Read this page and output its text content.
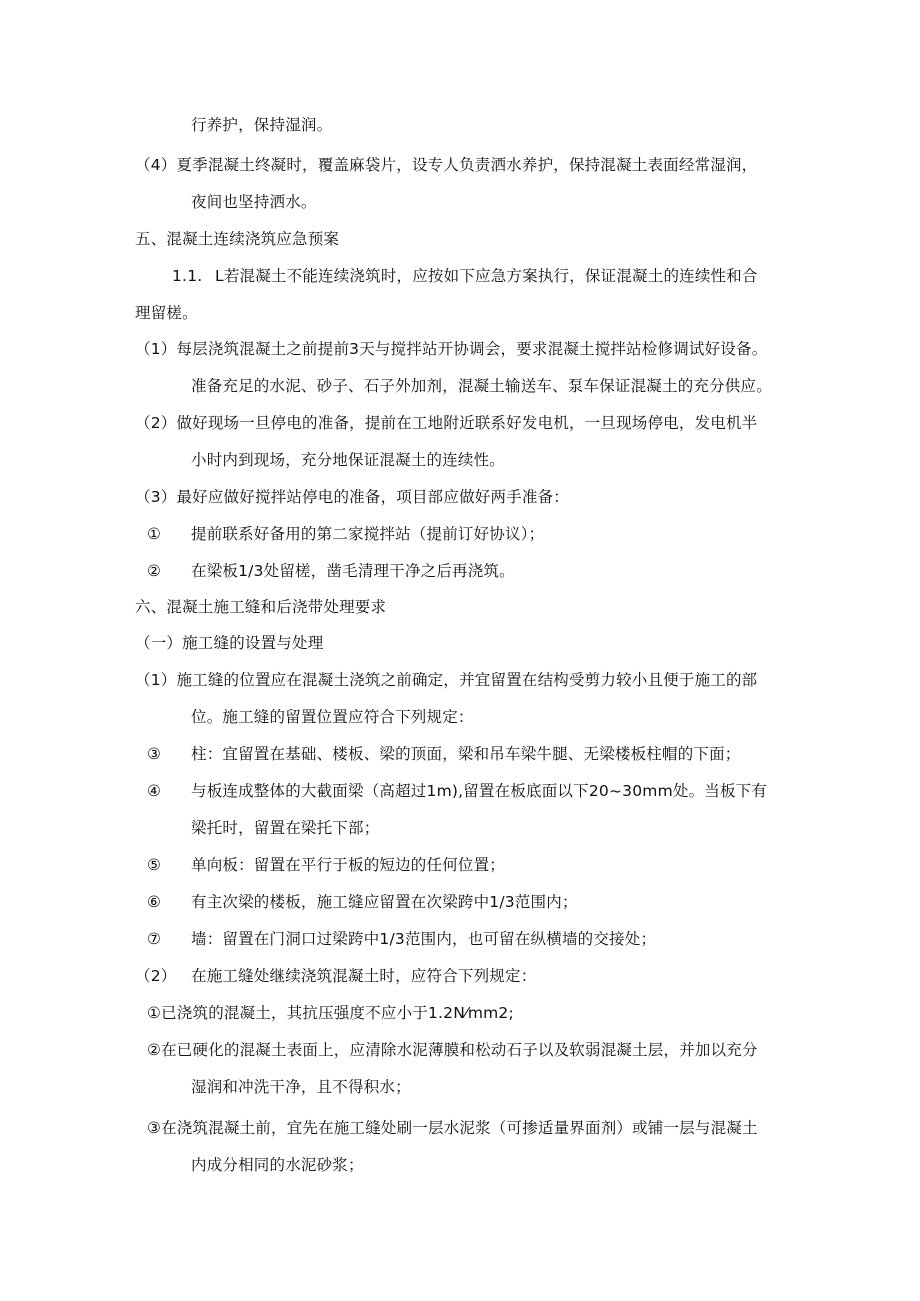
行养护，保持湿润。
（4）夏季混凝土终凝时，覆盖麻袋片，设专人负责洒水养护，保持混凝土表面经常湿润，
夜间也坚持洒水。
五、混凝土连续浇筑应急预案
1.1. L若混凝土不能连续浇筑时，应按如下应急方案执行，保证混凝土的连续性和合
理留槎。
（1）每层浇筑混凝土之前提前3天与搅拌站开协调会，要求混凝土搅拌站检修调试好设备。
准备充足的水泥、砂子、石子外加剂，混凝土输送车、泵车保证混凝土的充分供应。
（2）做好现场一旦停电的准备，提前在工地附近联系好发电机，一旦现场停电，发电机半
小时内到现场，充分地保证混凝土的连续性。
（3）最好应做好搅拌站停电的准备，项目部应做好两手准备：
① 提前联系好备用的第二家搅拌站（提前订好协议）；
② 在梁板1/3处留槎，凿毛清理干净之后再浇筑。
六、混凝土施工缝和后浇带处理要求
（一）施工缝的设置与处理
（1）施工缝的位置应在混凝土浇筑之前确定，并宜留置在结构受剪力较小且便于施工的部
位。施工缝的留置位置应符合下列规定：
③ 柱：宜留置在基础、楼板、梁的顶面，梁和吊车梁牛腿、无梁楼板柱帽的下面；
④ 与板连成整体的大截面梁（高超过1m),留置在板底面以下20~30mm处。当板下有
梁托时，留置在梁托下部；
⑤ 单向板：留置在平行于板的短边的任何位置；
⑥ 有主次梁的楼板，施工缝应留置在次梁跨中1/3范围内；
⑦ 墙：留置在门洞口过梁跨中1/3范围内，也可留在纵横墙的交接处；
（2） 在施工缝处继续浇筑混凝土时，应符合下列规定：
①已浇筑的混凝土，其抗压强度不应小于1.2N⁄mm2;
②在已硬化的混凝土表面上，应清除水泥薄膜和松动石子以及软弱混凝土层，并加以充分
湿润和冲洗干净，且不得积水；
③在浇筑混凝土前，宜先在施工缝处刷一层水泥浆（可掺适量界面剂）或铺一层与混凝土
内成分相同的水泥砂浆；
